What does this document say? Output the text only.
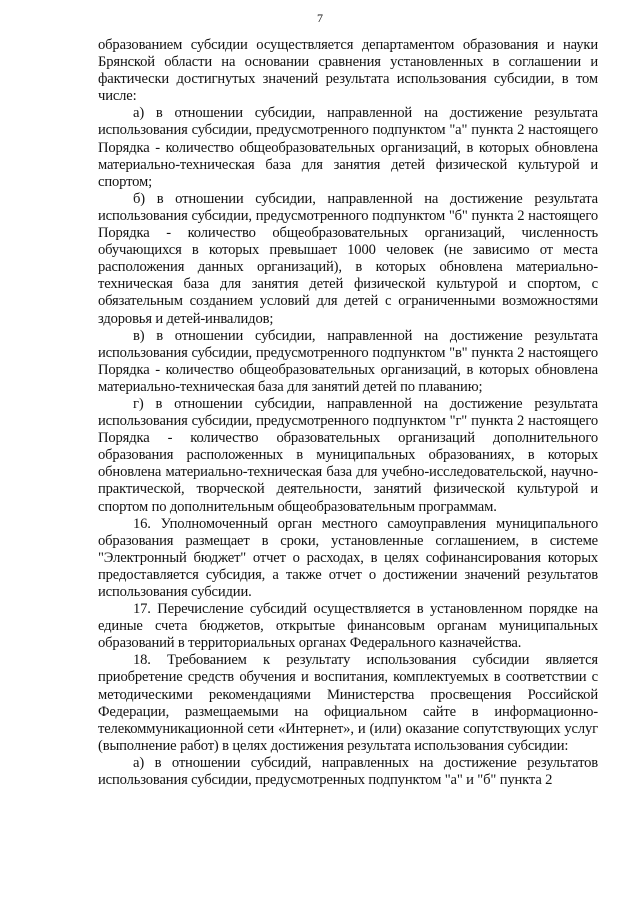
7

образованием субсидии осуществляется департаментом образования и науки Брянской области на основании сравнения установленных в соглашении и фактически достигнутых значений результата использования субсидии, в том числе:

а) в отношении субсидии, направленной на достижение результата использования субсидии, предусмотренного подпунктом "а" пункта 2 настоящего Порядка - количество общеобразовательных организаций, в которых обновлена материально-техническая база для занятия детей физической культурой и спортом;

б) в отношении субсидии, направленной на достижение результата использования субсидии, предусмотренного подпунктом "б" пункта 2 настоящего Порядка - количество общеобразовательных организаций, численность обучающихся в которых превышает 1000 человек (не зависимо от места расположения данных организаций), в которых обновлена материально-техническая база для занятия детей физической культурой и спортом, с обязательным созданием условий для детей с ограниченными возможностями здоровья и детей-инвалидов;

в) в отношении субсидии, направленной на достижение результата использования субсидии, предусмотренного подпунктом "в" пункта 2 настоящего Порядка - количество общеобразовательных организаций, в которых обновлена материально-техническая база для занятий детей по плаванию;

г) в отношении субсидии, направленной на достижение результата использования субсидии, предусмотренного подпунктом "г" пункта 2 настоящего Порядка - количество образовательных организаций дополнительного образования расположенных в муниципальных образованиях, в которых обновлена материально-техническая база для учебно-исследовательской, научно-практической, творческой деятельности, занятий физической культурой и спортом по дополнительным общеобразовательным программам.

16. Уполномоченный орган местного самоуправления муниципального образования размещает в сроки, установленные соглашением, в системе "Электронный бюджет" отчет о расходах, в целях софинансирования которых предоставляется субсидия, а также отчет о достижении значений результатов использования субсидии.

17. Перечисление субсидий осуществляется в установленном порядке на единые счета бюджетов, открытые финансовым органам муниципальных образований в территориальных органах Федерального казначейства.

18. Требованием к результату использования субсидии является приобретение средств обучения и воспитания, комплектуемых в соответствии с методическими рекомендациями Министерства просвещения Российской Федерации, размещаемыми на официальном сайте в информационно-телекоммуникационной сети «Интернет», и (или) оказание сопутствующих услуг (выполнение работ) в целях достижения результата использования субсидии:

а) в отношении субсидий, направленных на достижение результатов использования субсидии, предусмотренных подпунктом "а" и "б" пункта 2
